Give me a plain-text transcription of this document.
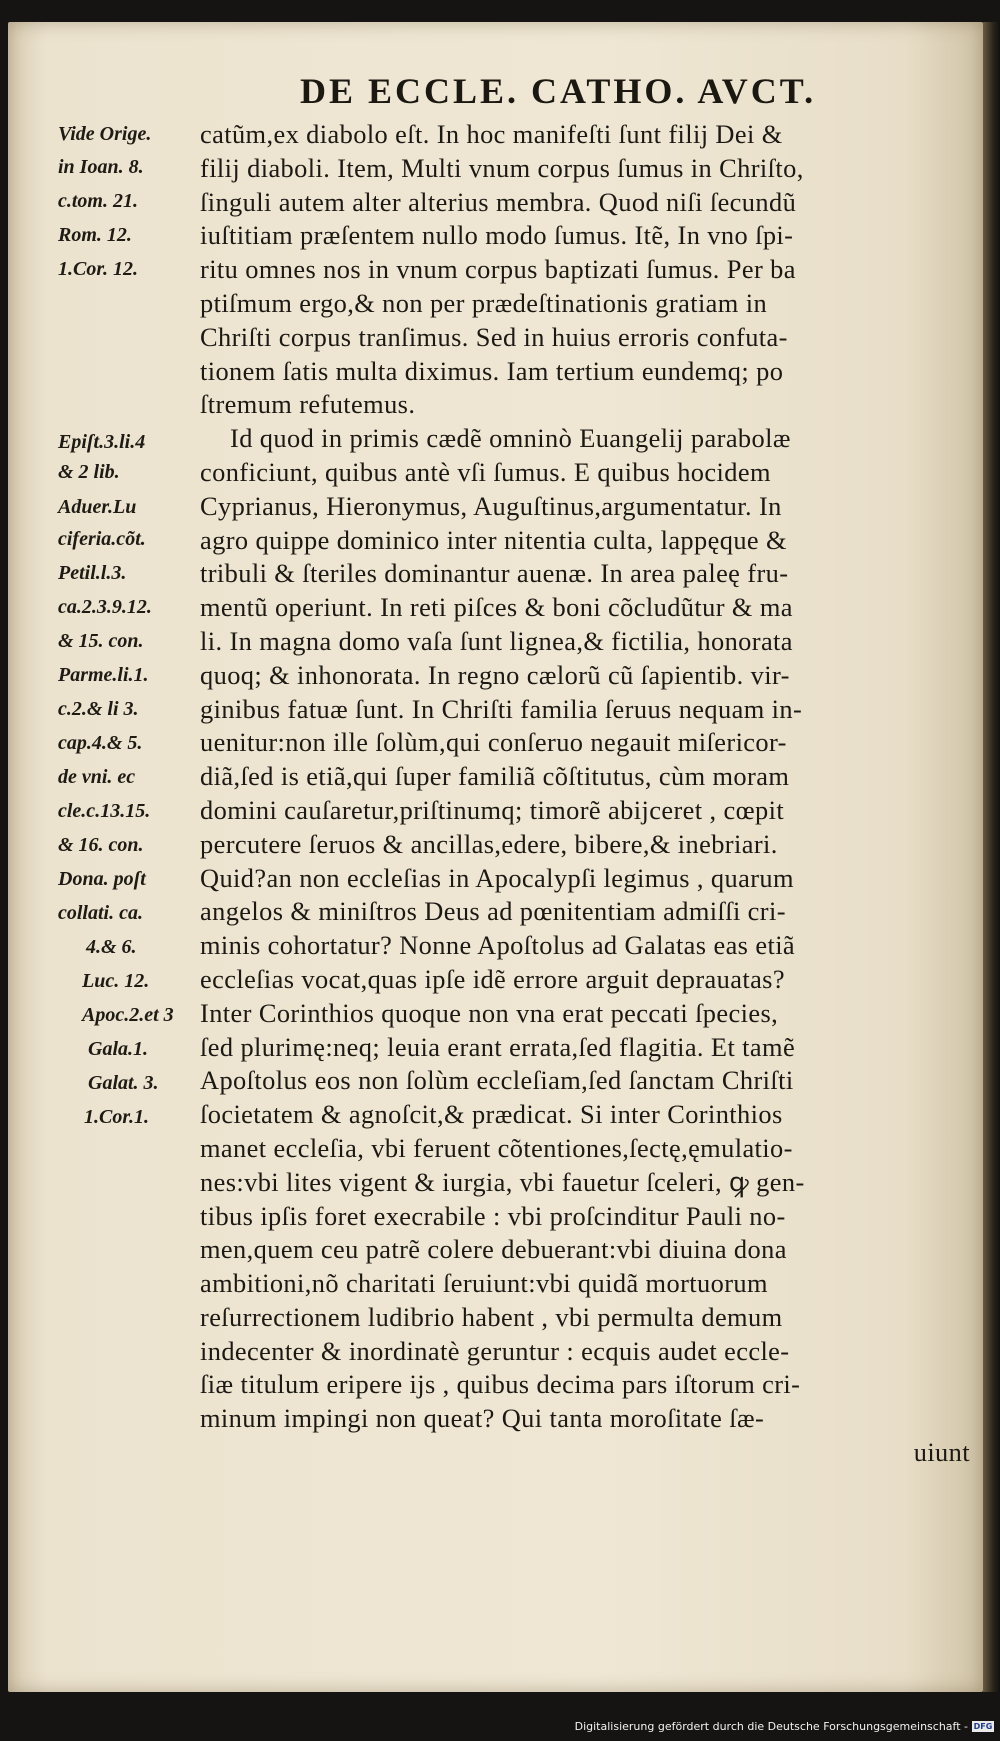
DE ECCLE. CATHO. AVCT.
catũm,ex diabolo eſt. In hoc manifeſti ſunt filij Dei &
filij diaboli. Item, Multi vnum corpus ſumus in Chriſto,
ſinguli autem alter alterius membra. Quod niſi ſecundũ
iuſtitiam præſentem nullo modo ſumus. Itẽ, In vno ſpi-
ritu omnes nos in vnum corpus baptizati ſumus. Per ba
ptiſmum ergo,& non per prædeſtinationis gratiam in
Chriſti corpus tranſimus. Sed in huius erroris confuta-
tionem ſatis multa diximus. Iam tertium eundemq; po
ſtremum refutemus.
Id quod in primis cædẽ omninò Euangelij parabolæ
conficiunt, quibus antè vſi ſumus. E quibus hocidem
Cyprianus, Hieronymus, Auguſtinus,argumentatur. In
agro quippe dominico inter nitentia culta, lappęque &
tribuli & ſteriles dominantur auenæ. In area paleę fru-
mentũ operiunt. In reti piſces & boni cõcludũtur & ma
li. In magna domo vaſa ſunt lignea,& fictilia, honorata
quoq; & inhonorata. In regno cælorũ cũ ſapientib. vir-
ginibus fatuæ ſunt. In Chriſti familia ſeruus nequam in-
uenitur:non ille ſolùm,qui conſeruo negauit miſericor-
diã,ſed is etiã,qui ſuper familiã cõſtitutus, cùm moram
domini cauſaretur,priſtinumq; timorẽ abijceret , cœpit
percutere ſeruos & ancillas,edere, bibere,& inebriari.
Quid?an non eccleſias in Apocalypſi legimus , quarum
angelos & miniſtros Deus ad pœnitentiam admiſſi cri-
minis cohortatur? Nonne Apoſtolus ad Galatas eas etiã
eccleſias vocat,quas ipſe idẽ errore arguit deprauatas?
Inter Corinthios quoque non vna erat peccati ſpecies,
ſed plurimę:neq; leuia erant errata,ſed flagitia. Et tamẽ
Apoſtolus eos non ſolùm eccleſiam,ſed ſanctam Chriſti
ſocietatem & agnoſcit,& prædicat. Si inter Corinthios
manet eccleſia, vbi feruent cõtentiones,ſectę,ęmulatio-
nes:vbi lites vigent & iurgia, vbi fauetur ſceleri, ꝙ gen-
tibus ipſis foret execrabile : vbi proſcinditur Pauli no-
men,quem ceu patrẽ colere debuerant:vbi diuina dona
ambitioni,nõ charitati ſeruiunt:vbi quidã mortuorum
reſurrectionem ludibrio habent , vbi permulta demum
indecenter & inordinatè geruntur : ecquis audet eccle-
ſiæ titulum eripere ijs , quibus decima pars iſtorum cri-
minum impingi non queat? Qui tanta moroſitate ſæ-
uiunt
Vide Orige.
in Ioan. 8.
c.tom. 21.
Rom. 12.
1.Cor. 12.
Epiſt.3.li.4
& 2 lib.
Aduer.Lu
ciferia.cõt.
Petil.l.3.
ca.2.3.9.12.
& 15. con.
Parme.li.1.
c.2.& li 3.
cap.4.& 5.
de vni. ec
cle.c.13.15.
& 16. con.
Dona. poſt
collati. ca.
4.& 6.
Luc. 12.
Apoc.2.et 3
Gala.1.
Galat. 3.
1.Cor.1.
Digitalisierung gefördert durch die Deutsche Forschungsgemeinschaft - DFG
